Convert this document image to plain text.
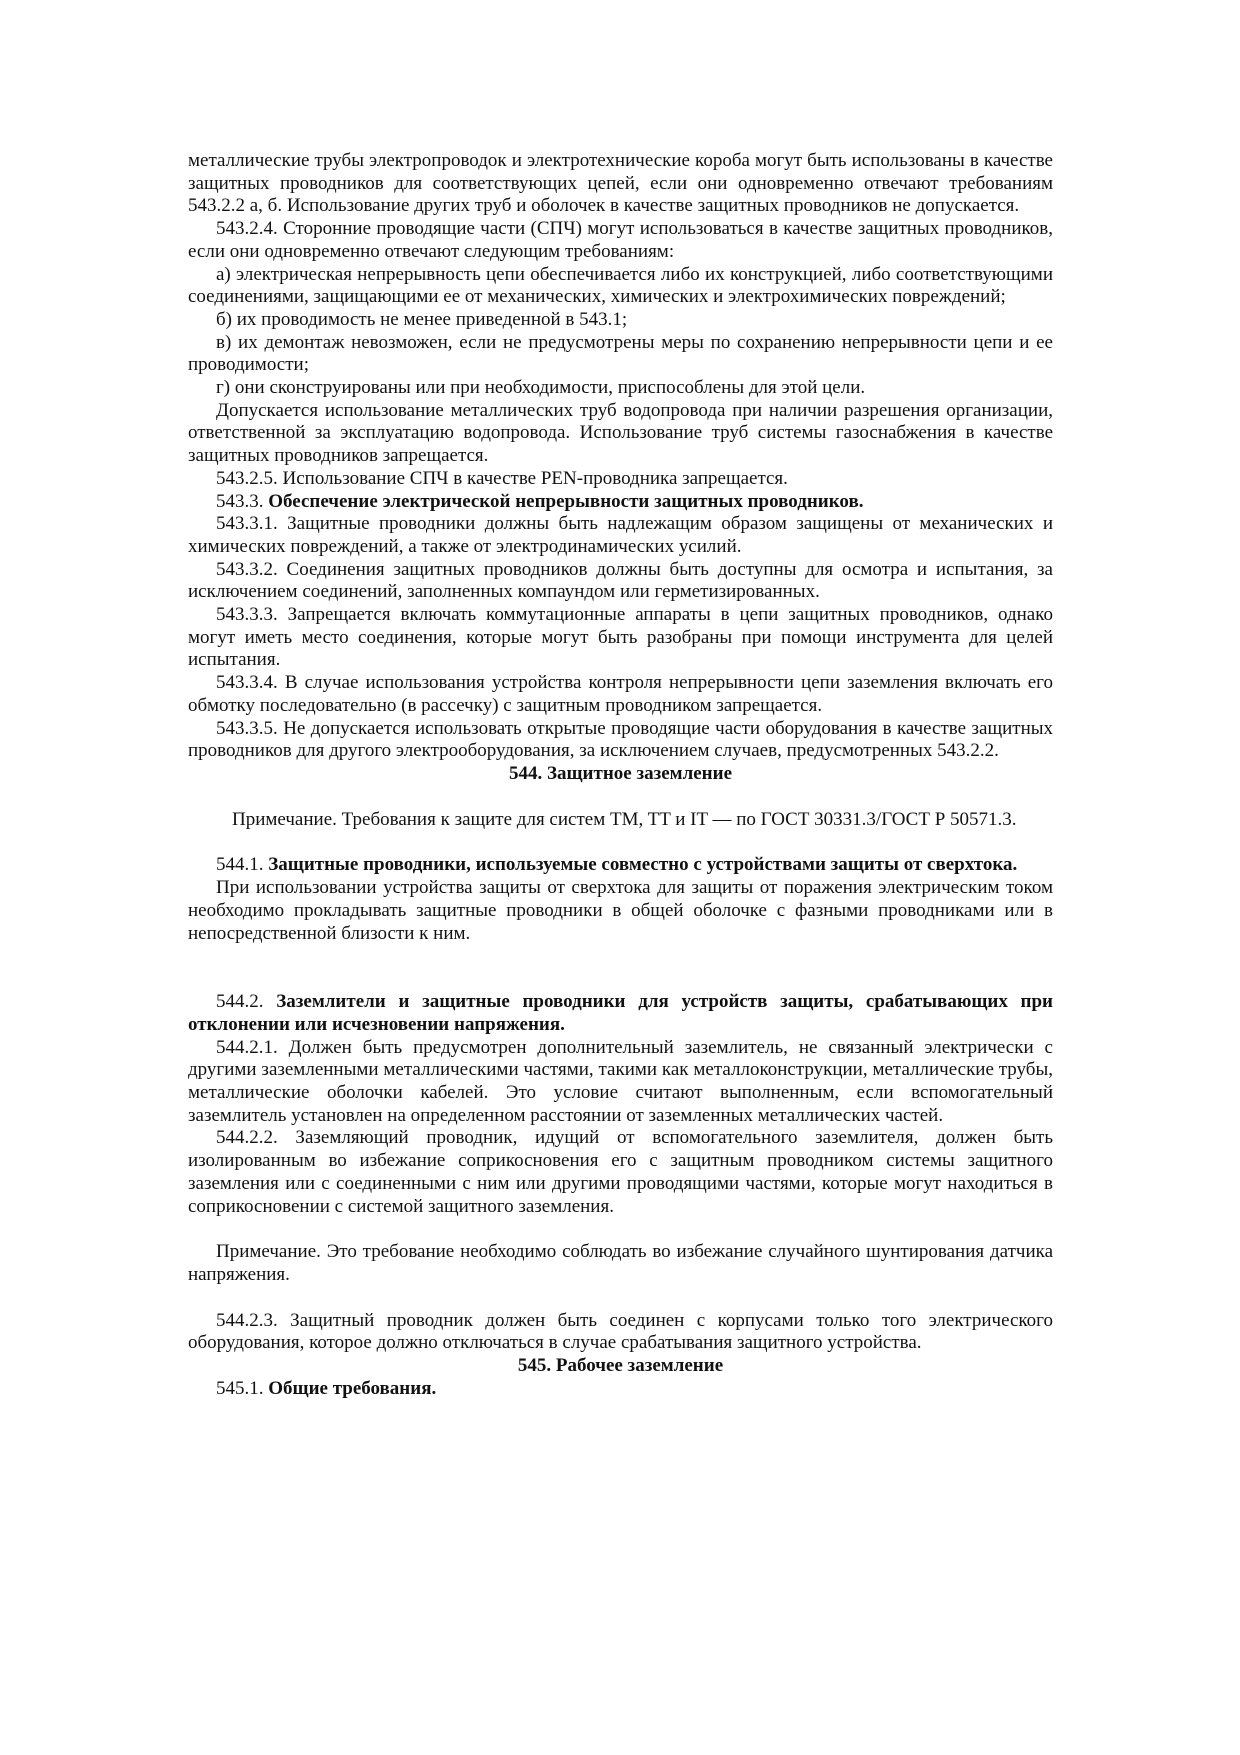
металлические трубы электропроводок и электротехнические короба могут быть использованы в качестве защитных проводников для соответствующих цепей, если они одновременно отвечают требованиям 543.2.2 а, б. Использование других труб и оболочек в качестве защитных проводников не допускается.

543.2.4. Сторонние проводящие части (СПЧ) могут использоваться в качестве защитных проводников, если они одновременно отвечают следующим требованиям:

а) электрическая непрерывность цепи обеспечивается либо их конструкцией, либо соответствующими соединениями, защищающими ее от механических, химических и электрохимических повреждений;

б) их проводимость не менее приведенной в 543.1;

в) их демонтаж невозможен, если не предусмотрены меры по сохранению непрерывности цепи и ее проводимости;

г) они сконструированы или при необходимости, приспособлены для этой цели.

Допускается использование металлических труб водопровода при наличии разрешения организации, ответственной за эксплуатацию водопровода. Использование труб системы газоснабжения в качестве защитных проводников запрещается.

543.2.5. Использование СПЧ в качестве PEN-проводника запрещается.

543.3. Обеспечение электрической непрерывности защитных проводников.

543.3.1. Защитные проводники должны быть надлежащим образом защищены от механических и химических повреждений, а также от электродинамических усилий.

543.3.2. Соединения защитных проводников должны быть доступны для осмотра и испытания, за исключением соединений, заполненных компаундом или герметизированных.

543.3.3. Запрещается включать коммутационные аппараты в цепи защитных проводников, однако могут иметь место соединения, которые могут быть разобраны при помощи инструмента для целей испытания.

543.3.4. В случае использования устройства контроля непрерывности цепи заземления включать его обмотку последовательно (в рассечку) с защитным проводником запрещается.

543.3.5. Не допускается использовать открытые проводящие части оборудования в качестве защитных проводников для другого электрооборудования, за исключением случаев, предусмотренных 543.2.2.

544. Защитное заземление

Примечание. Требования к защите для систем TM, TT и IT — по ГОСТ 30331.3/ГОСТ Р 50571.3.

544.1. Защитные проводники, используемые совместно с устройствами защиты от сверхтока.

При использовании устройства защиты от сверхтока для защиты от поражения электрическим током необходимо прокладывать защитные проводники в общей оболочке с фазными проводниками или в непосредственной близости к ним.

544.2. Заземлители и защитные проводники для устройств защиты, срабатывающих при отклонении или исчезновении напряжения.

544.2.1. Должен быть предусмотрен дополнительный заземлитель, не связанный электрически с другими заземленными металлическими частями, такими как металлоконструкции, металлические трубы, металлические оболочки кабелей. Это условие считают выполненным, если вспомогательный заземлитель установлен на определенном расстоянии от заземленных металлических частей.

544.2.2. Заземляющий проводник, идущий от вспомогательного заземлителя, должен быть изолированным во избежание соприкосновения его с защитным проводником системы защитного заземления или с соединенными с ним или другими проводящими частями, которые могут находиться в соприкосновении с системой защитного заземления.

Примечание. Это требование необходимо соблюдать во избежание случайного шунтирования датчика напряжения.

544.2.3. Защитный проводник должен быть соединен с корпусами только того электрического оборудования, которое должно отключаться в случае срабатывания защитного устройства.

545. Рабочее заземление

545.1. Общие требования.
